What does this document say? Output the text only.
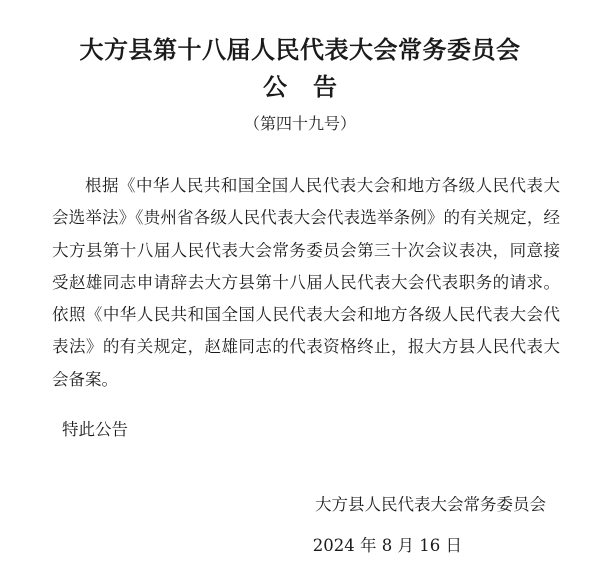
大方县第十八届人民代表大会常务委员会
公告
（第四十九号）

根据《中华人民共和国全国人民代表大会和地方各级人民代表大会选举法》《贵州省各级人民代表大会代表选举条例》的有关规定，经大方县第十八届人民代表大会常务委员会第三十次会议表决，同意接受赵雄同志申请辞去大方县第十八届人民代表大会代表职务的请求。依照《中华人民共和国全国人民代表大会和地方各级人民代表大会代表法》的有关规定，赵雄同志的代表资格终止，报大方县人民代表大会备案。

特此公告
大方县人民代表大会常务委员会
2024 年 8 月 16 日
